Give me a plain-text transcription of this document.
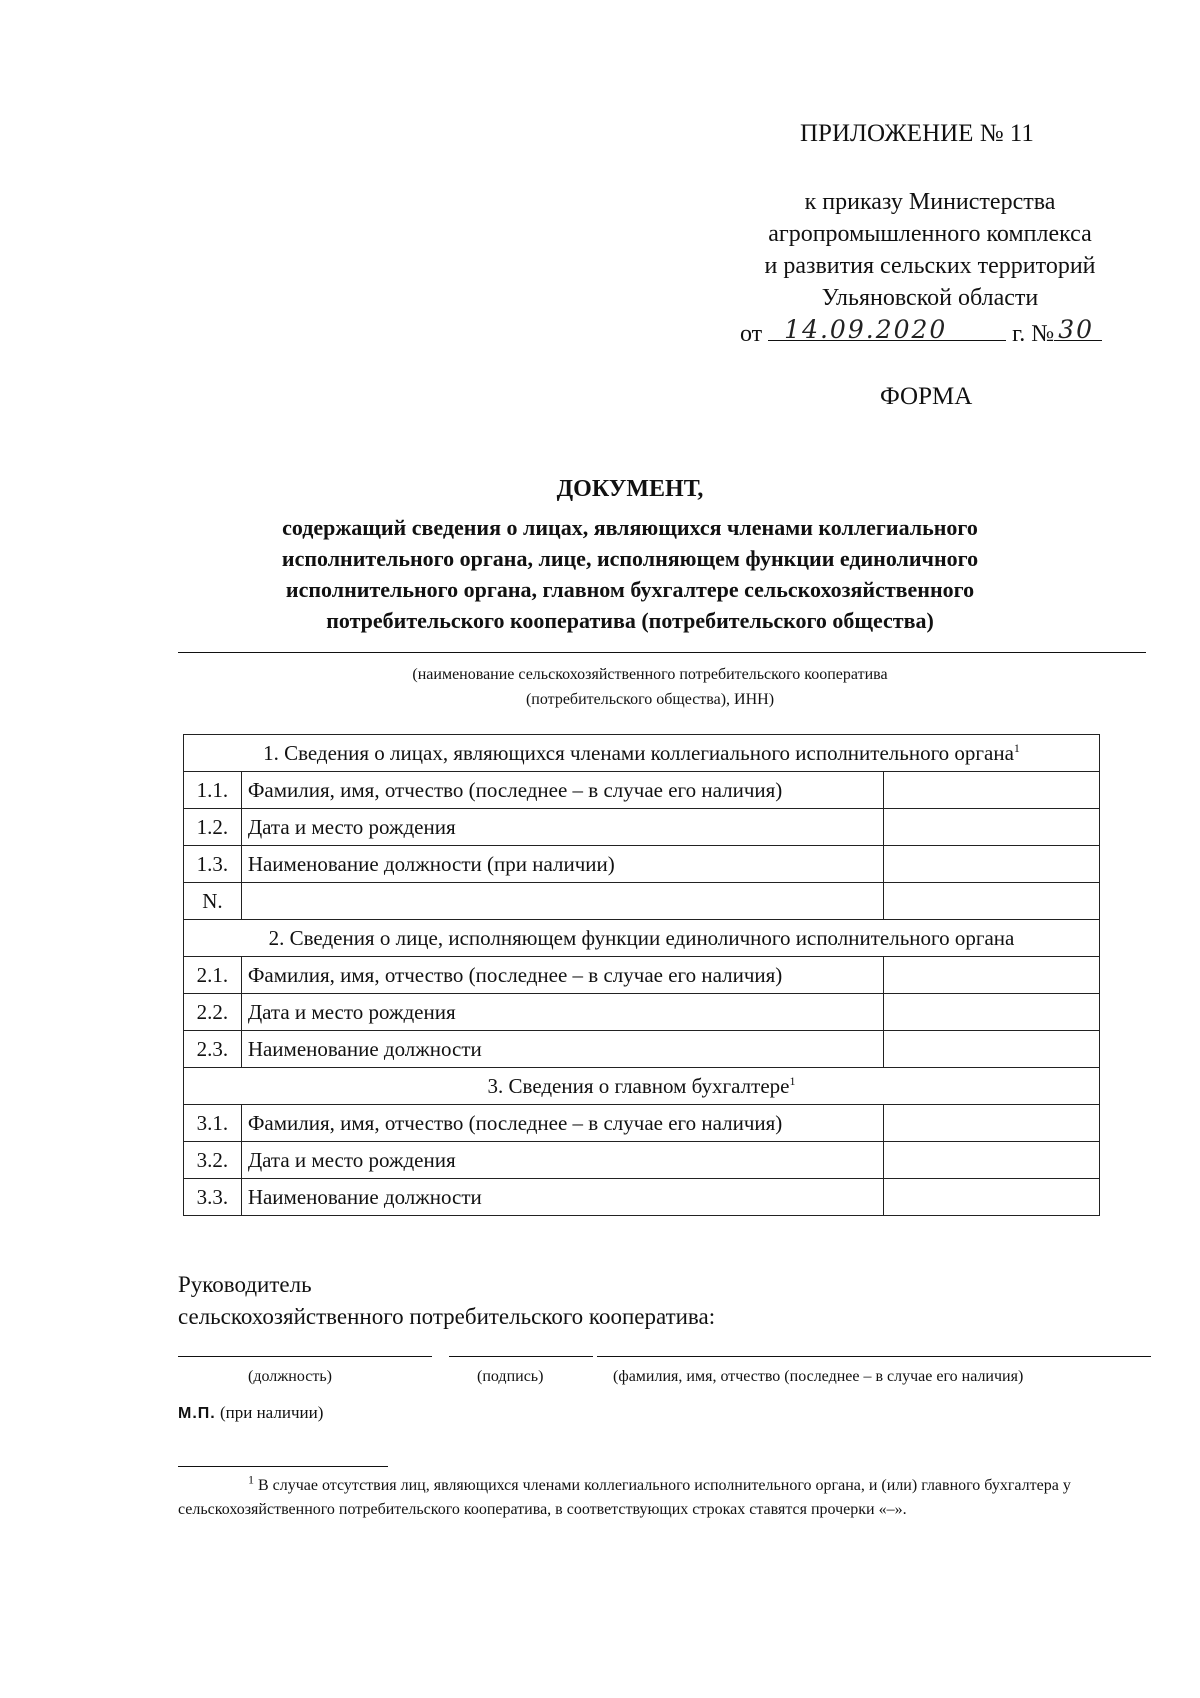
ПРИЛОЖЕНИЕ № 11
к приказу Министерства
агропромышленного комплекса
и развития сельских территорий
Ульяновской области
от 14.09.2020	г. № 30
ФОРМА
ДОКУМЕНТ,
содержащий сведения о лицах, являющихся членами коллегиального
исполнительного органа, лице, исполняющем функции единоличного
исполнительного органа, главном бухгалтере сельскохозяйственного
потребительского кооператива (потребительского общества)
(наименование сельскохозяйственного потребительского кооператива
(потребительского общества), ИНН)
1. Сведения о лицах, являющихся членами коллегиального исполнительного органа$^1$
1.1.	Фамилия, имя, отчество (последнее – в случае его наличия)	
1.2.	Дата и место рождения	
1.3.	Наименование должности (при наличии)	
N.		
2. Сведения о лице, исполняющем функции единоличного исполнительного органа		
2.1.	Фамилия, имя, отчество (последнее – в случае его наличия)	
2.2.	Дата и место рождения	
2.3.	Наименование должности	
3. Сведения о главном бухгалтере$^1$
3.1.	Фамилия, имя, отчество (последнее – в случае его наличия)	
3.2.	Дата и место рождения	
3.3.	Наименование должности	
Руководитель
сельскохозяйственного потребительского кооператива:
(должность)	(подпись)	(фамилия, имя, отчество (последнее – в случае его наличия)
М.П. (при наличии)
$^1$ В случае отсутствия лиц, являющихся членами коллегиального исполнительного органа, и (или) главного бухгалтера у сельскохозяйственного потребительского кооператива, в соответствующих строках ставятся прочерки «–».
